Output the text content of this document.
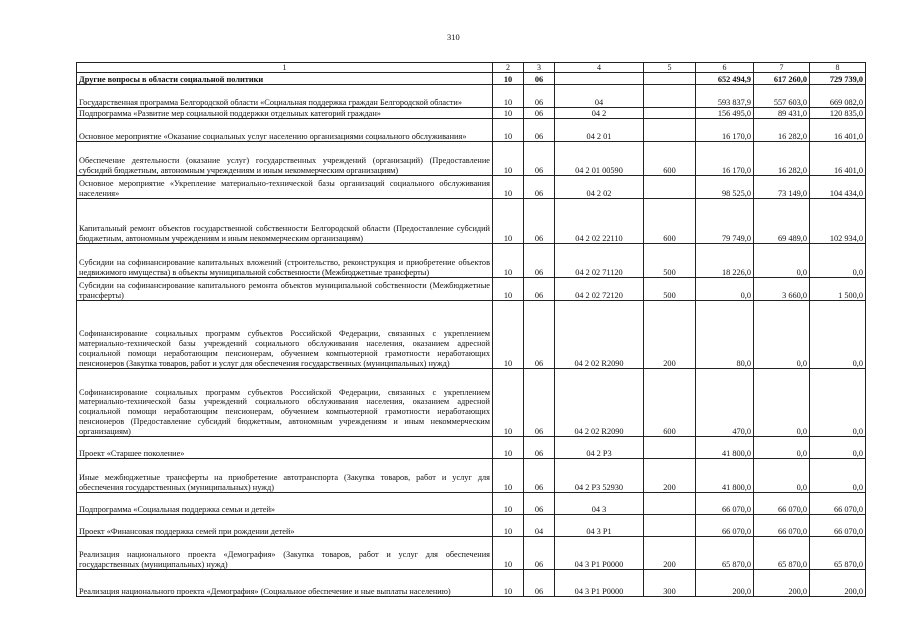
310
1	2	3	4	5	6	7	8
Другие вопросы в области социальной политики	10	06			652 494,9	617 260,0	729 739,0
Государственная программа Белгородской области «Социальная поддержка граждан Белгородской области»	10	06	04		593 837,9	557 603,0	669 082,0
Подпрограмма «Развитие мер социальной поддержки отдельных категорий граждан»	10	06	04 2		156 495,0	89 431,0	120 835,0
Основное мероприятие «Оказание социальных услуг населению организациями социального обслуживания»	10	06	04 2 01		16 170,0	16 282,0	16 401,0
Обеспечение деятельности (оказание услуг) государственных учреждений (организаций) (Предоставление субсидий бюджетным, автономным учреждениям и иным некоммерческим организациям)	10	06	04 2 01 00590	600	16 170,0	16 282,0	16 401,0
Основное мероприятие «Укрепление материально-технической базы организаций социального обслуживания населения»	10	06	04 2 02		98 525,0	73 149,0	104 434,0
Капитальный ремонт объектов государственной собственности Белгородской области (Предоставление субсидий бюджетным, автономным учреждениям и иным некоммерческим организациям)	10	06	04 2 02 22110	600	79 749,0	69 489,0	102 934,0
Субсидии на софинансирование капитальных вложений (строительство, реконструкция и приобретение объектов недвижимого имущества) в объекты муниципальной собственности (Межбюджетные трансферты)	10	06	04 2 02 71120	500	18 226,0	0,0	0,0
Субсидии на софинансирование капитального ремонта объектов муниципальной собственности (Межбюджетные трансферты)	10	06	04 2 02 72120	500	0,0	3 660,0	1 500,0
Софинансирование социальных программ субъектов Российской Федерации, связанных с укреплением материально-технической базы учреждений социального обслуживания населения, оказанием адресной социальной помощи неработающим пенсионерам, обучением компьютерной грамотности неработающих пенсионеров (Закупка товаров, работ и услуг для обеспечения государственных (муниципальных) нужд)	10	06	04 2 02 R2090	200	80,0	0,0	0,0
Софинансирование социальных программ субъектов Российской Федерации, связанных с укреплением материально-технической базы учреждений социального обслуживания населения, оказанием адресной социальной помощи неработающим пенсионерам, обучением компьютерной грамотности неработающих пенсионеров (Предоставление субсидий бюджетным, автономным учреждениям и иным некоммерческим организациям)	10	06	04 2 02 R2090	600	470,0	0,0	0,0
Проект «Старшее поколение»	10	06	04 2 P3		41 800,0	0,0	0,0
Иные межбюджетные трансферты на приобретение автотранспорта (Закупка товаров, работ и услуг для обеспечения государственных (муниципальных) нужд)	10	06	04 2 P3 52930	200	41 800,0	0,0	0,0
Подпрограмма «Социальная поддержка семьи и детей»	10	06	04 3		66 070,0	66 070,0	66 070,0
Проект «Финансовая поддержка семей при рождении детей»	10	04	04 3 P1		66 070,0	66 070,0	66 070,0
Реализация национального проекта «Демография» (Закупка товаров, работ и услуг для обеспечения государственных (муниципальных) нужд)	10	06	04 3 P1 P0000	200	65 870,0	65 870,0	65 870,0
Реализация национального проекта «Демография» (Социальное обеспечение и ные выплаты населению)	10	06	04 3 P1 P0000	300	200,0	200,0	200,0
